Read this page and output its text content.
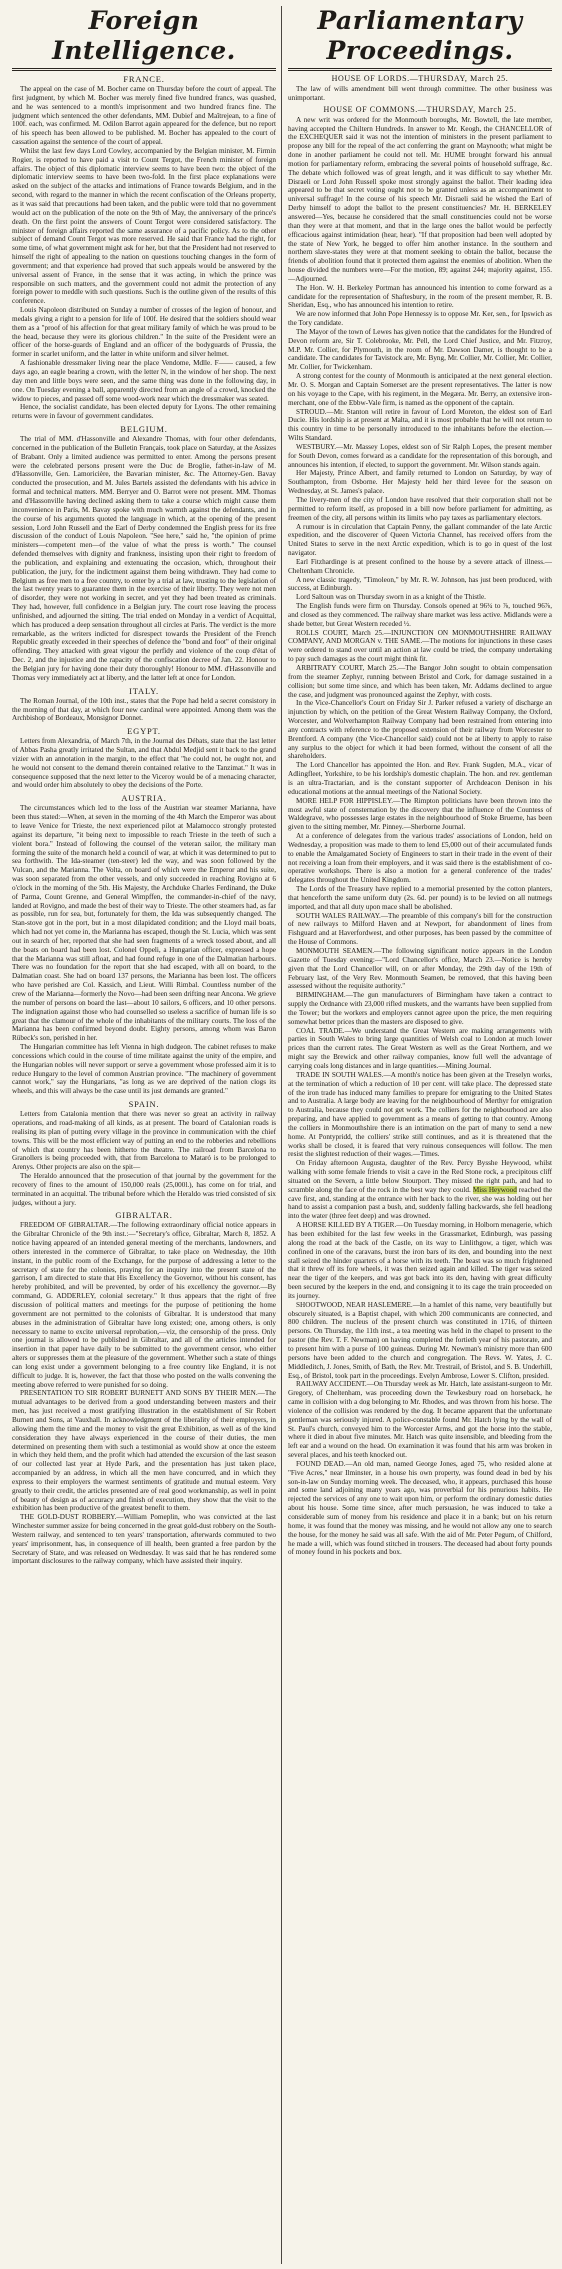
Foreign Intelligence.
FRANCE.

The appeal on the case of M. Bocher came on Thursday before the court of appeal. The first judgment, by which M. Bocher was merely fined five hundred francs, was quashed, and he was sentenced to a month's imprisonment and two hundred francs fine. The judgment which sentenced the other defendants, MM. Dubief and Maîtrejean, to a fine of 100f. each, was confirmed. M. Odilon Barrot again appeared for the defence, but no report of his speech has been allowed to be published. M. Bocher has appealed to the court of cassation against the sentence of the court of appeal.

Whilst the last few days Lord Cowley, accompanied by the Belgian minister, M. Firmin Rogier, is reported to have paid a visit to Count Tergot, the French minister of foreign affairs. The object of this diplomatic interview seems to have been two: the object of the diplomatic interview seems to have been two-fold. In the first place explanations were asked on the subject of the attacks and intimations of France towards Belgium, and in the second, with regard to the manner in which the recent confiscation of the Orleans property, as it was said that precautions had been taken, and the public were told that no government would act on the publication of the note on the 9th of May, the anniversary of the prince's death. On the first point the answers of Count Tergot were considered satisfactory. The minister of foreign affairs reported the same assurance of a pacific policy. As to the other subject of demand Count Tergot was more reserved. He said that France had the right, for some time, of what government might ask for her, but that the President had not reserved to himself the right of appealing to the nation on questions touching changes in the form of government; and that experience had proved that such appeals would be answered by the universal assent of France, in the sense that it was acting, in which the prince was responsible on such matters, and the government could not admit the protection of any foreign power to meddle with such questions. Such is the outline given of the results of this conference.

Louis Napoleon distributed on Sunday a number of crosses of the legion of honour, and medals giving a right to a pension for life of 100f. He desired that the soldiers should wear them as a "proof of his affection for that great military family of which he was proud to be the head, because they were its glorious children." In the suite of the President were an officer of the horse-guards of England and an officer of the bodyguards of Prussia, the former in scarlet uniform, and the latter in white uniform and silver helmet.

A fashionable dressmaker living near the place Vendome, Mdlle. F—— caused, a few days ago, an eagle bearing a crown, with the letter N, in the window of her shop. The next day men and little boys were seen, and the same thing was done in the following day, in one. On Tuesday evening a ball, apparently directed from an angle of a crowd, knocked the widow to pieces, and passed off some wood-work near which the dressmaker was seated.

Hence, the socialist candidate, has been elected deputy for Lyons. The other remaining returns were in favour of government candidates.

BELGIUM.

The trial of MM. d'Hassonville and Alexandre Thomas, with four other defendants, concerned in the publication of the Bulletin Français, took place on Saturday, at the Assizes of Brabant. Only a limited audience was permitted to enter. Among the persons present were the celebrated persons present were the Duc de Broglie, father-in-law of M. d'Hassonville, Gen. Lamoricière, the Bavarian minister, &c. The Attorney-Gen. Bavay conducted the prosecution, and M. Jules Bartels assisted the defendants with his advice in formal and technical matters. MM. Berryer and O. Barrot were not present. MM. Thomas and d'Hassonville having declined asking them to take a course which might cause them inconvenience in Paris, M. Bavay spoke with much warmth against the defendants, and in the course of his arguments quoted the language in which, at the opening of the present session, Lord John Russell and the Earl of Derby condemned the English press for its free discussion of the conduct of Louis Napoleon. "See here," said he, "the opinion of prime ministers—competent men—of the value of what the press is worth." The counsel defended themselves with dignity and frankness, insisting upon their right to freedom of the publication, and explaining and extenuating the occasion, which, throughout their publication, the jury, for the indictment against them being withdrawn. They had come to Belgium as free men to a free country, to enter by a trial at law, trusting to the legislation of the last twenty years to guarantee them in the exercise of their liberty. They were not men of disorder, they were not working in secret, and yet they had been treated as criminals. They had, however, full confidence in a Belgian jury. The court rose leaving the process unfinished, and adjourned the sitting. The trial ended on Monday in a verdict of Acquittal, which has produced a deep sensation throughout all circles at Paris. The verdict is the more remarkable, as the writers indicted for disrespect towards the President of the French Republic greatly exceeded in their speeches of defence the "bond and foot" of their original offending. They attacked with great vigour the perfidy and violence of the coup d'état of Dec. 2, and the injustice and the rapacity of the confiscation decree of Jan. 22. Honour to the Belgian jury for having done their duty thoroughly! Honour to MM. d'Hassonville and Thomas very immediately act at liberty, and the latter left at once for London.

ITALY.

The Roman Journal, of the 10th inst., states that the Pope had held a secret consistory in the morning of that day, at which four new cardinal were appointed. Among them was the Archbishop of Bordeaux, Monsignor Donnet.

EGYPT.

Letters from Alexandria, of March 7th, in the Journal des Débats, state that the last letter of Abbas Pasha greatly irritated the Sultan, and that Abdul Medjid sent it back to the grand vizier with an annotation in the margin, to the effect that "he could not, he ought not, and he would not consent to the demand therein contained relative to the Tanzimat." It was in consequence supposed that the next letter to the Viceroy would be of a menacing character, and would order him absolutely to obey the decisions of the Porte.

AUSTRIA.

The circumstances which led to the loss of the Austrian war steamer Marianna, have been thus stated:—When, at seven in the morning of the 4th March the Emperor was about to leave Venice for Trieste, the next experienced pilot at Malamocco strongly protested against its departure, "it being next to impossible to reach Trieste in the teeth of such a violent bora." Instead of following the counsel of the veteran sailor, the military man forming the suite of the monarch held a council of war, at which it was determined to put to sea forthwith. The Ida-steamer (ten-steer) led the way, and was soon followed by the Vulcan, and the Marianna. The Volta, on board of which were the Emperor and his suite, was soon separated from the other vessels, and only succeeded in reaching Rovigno at 6 o'clock in the morning of the 5th. His Majesty, the Archduke Charles Ferdinand, the Duke of Parma, Count Grenne, and General Wimpffen, the commander-in-chief of the navy, landed at Rovigno, and made the best of their way to Trieste. The other steamers had, as far as possible, run for sea, but, fortunately for them, the Ida was subsequently changed. The Stan-stove got in the port, but in a most dilapidated condition; and the Lloyd mail boats, which had not yet come in, the Marianna has escaped, though the St. Lucia, which was sent out in search of her, reported that she had seen fragments of a wreck tossed about, and all the boats on board had been lost. Colonel Oppeli, a Hungarian officer, expressed a hope that the Marianna was still afloat, and had found refuge in one of the Dalmatian harbours. There was no foundation for the report that she had escaped, with all on board, to the Dalmatian coast. She had on board 137 persons, the Marianna has been lost. The officers who have perished are Col. Kassich, and Lieut. Willi Rimbal. Countless number of the crew of the Marianna—formerly the Novo—had been seen drifting near Ancona. We grieve the number of persons on board the last—about 10 sailors, 6 officers, and 10 other persons. The indignation against those who had counselled so useless a sacrifice of human life is so great that the clamour of the whole of the inhabitants of the military courts. The loss of the Marianna has been confirmed beyond doubt. Eighty persons, among whom was Baron Rübeck's son, perished in her.

The Hungarian committee has left Vienna in high dudgeon. The cabinet refuses to make concessions which could in the course of time militate against the unity of the empire, and the Hungarian nobles will never support or serve a government whose professed aim it is to reduce Hungary to the level of common Austrian province. "The machinery of government cannot work," say the Hungarians, "as long as we are deprived of the nation clogs its wheels, and this will always be the case until its just demands are granted."

SPAIN.

Letters from Catalonia mention that there was never so great an activity in railway operations, and road-making of all kinds, as at present. The board of Catalonian roads is realising its plan of putting every village in the province in communication with the chief towns. This will be the most efficient way of putting an end to the robberies and rebellions of which that country has been hitherto the theatre. The railroad from Barcelona to Granollers is being proceeded with, that from Barcelona to Mataró is to be prolonged to Arenys. Other projects are also on the spit—

The Heraldo announced that the prosecution of that journal by the government for the recovery of fines to the amount of 150,000 reals (25,000l.), has come on for trial, and terminated in an acquittal. The tribunal before which the Heraldo was tried consisted of six judges, without a jury.

GIBRALTAR.

FREEDOM OF GIBRALTAR.—The following extraordinary official notice appears in the Gibraltar Chronicle of the 9th inst.:—"Secretary's office, Gibraltar, March 8, 1852. A notice having appeared of an intended general meeting of the merchants, landowners, and others interested in the commerce of Gibraltar, to take place on Wednesday, the 10th instant, in the public room of the Exchange, for the purpose of addressing a letter to the secretary of state for the colonies, praying for an inquiry into the present state of the garrison, I am directed to state that His Excellency the Governor, without his consent, has hereby prohibited, and will be prevented, by order of his excellency the governor.—By command, G. ADDERLEY, colonial secretary." It thus appears that the right of free discussion of political matters and meetings for the purpose of petitioning the home government are not permitted to the colonists of Gibraltar. It is understood that many abuses in the administration of Gibraltar have long existed; one, among others, is only necessary to name to excite universal reprobation,—viz, the censorship of the press. Only one journal is allowed to be published in Gibraltar, and all of the articles intended for insertion in that paper have daily to be submitted to the government censor, who either alters or suppresses them at the pleasure of the government. Whether such a state of things can long exist under a government belonging to a free country like England, it is not difficult to judge. It is, however, the fact that those who posted on the walls convening the meeting above referred to were punished for so doing.

PRESENTATION TO SIR ROBERT BURNETT AND SONS BY THEIR MEN.—The mutual advantages to be derived from a good understanding between masters and their men, has just received a most gratifying illustration in the establishment of Sir Robert Burnett and Sons, at Vauxhall. In acknowledgment of the liberality of their employers, in allowing them the time and the money to visit the great Exhibition, as well as of the kind consideration they have always experienced in the course of their duties, the men determined on presenting them with such a testimonial as would show at once the esteem in which they held them, and the profit which had attended the excursion of the last season of our collected last year at Hyde Park, and the presentation has just taken place, accompanied by an address, in which all the men have concurred, and in which they express to their employers the warmest sentiments of gratitude and mutual esteem. Very greatly to their credit, the articles presented are of real good workmanship, as well in point of beauty of design as of accuracy and finish of execution, they show that the visit to the exhibition has been productive of the greatest benefit to them.

THE GOLD-DUST ROBBERY.—William Pomeplin, who was convicted at the last Winchester summer assize for being concerned in the great gold-dust robbery on the South-Western railway, and sentenced to ten years' transportation, afterwards commuted to two years' imprisonment, has, in consequence of ill health, been granted a free pardon by the Secretary of State, and was released on Wednesday. It was said that he has rendered some important disclosures to the railway company, which have assisted their inquiry.

Parliamentary Proceedings.
HOUSE OF LORDS.—THURSDAY, March 25.

The law of wills amendment bill went through committee. The other business was unimportant.

HOUSE OF COMMONS.—THURSDAY, March 25.

A new writ was ordered for the Monmouth boroughs, Mr. Bowtell, the late member, having accepted the Chiltern Hundreds. In answer to Mr. Keogh, the CHANCELLOR of the EXCHEQUER said it was not the intention of ministers in the present parliament to propose any bill for the repeal of the act conferring the grant on Maynooth; what might be done in another parliament he could not tell. Mr. HUME brought forward his annual motion for parliamentary reform, embracing the several points of household suffrage, &c. The debate which followed was of great length, and it was difficult to say whether Mr. Disraeli or Lord John Russell spoke most strongly against the ballot. Their leading idea appeared to be that secret voting ought not to be granted unless as an accompaniment to universal suffrage! In the course of his speech Mr. Disraeli said he wished the Earl of Derby himself to adopt the ballot to the present constituencies? Mr. H. BERKELEY answered—Yes, because he considered that the small constituencies could not be worse than they were at that moment, and that in the large ones the ballot would be perfectly efficacious against intimidation (hear, hear). "If that proposition had been well adopted by the state of New York, he begged to offer him another instance. In the southern and northern slave-states they were at that moment seeking to obtain the ballot, because the friends of abolition found that it protected them against the enemies of abolition. When the house divided the numbers were—For the motion, 89; against 244; majority against, 155.—Adjourned.

The Hon. W. H. Berkeley Portman has announced his intention to come forward as a candidate for the representation of Shaftesbury, in the room of the present member, R. B. Sheridan, Esq., who has announced his intention to retire.

We are now informed that John Pope Hennessy is to oppose Mr. Ker, sen., for Ipswich as the Tory candidate.

The Mayor of the town of Lewes has given notice that the candidates for the Hundred of Devon reform are, Sir T. Colebrooke, Mr. Pell, the Lord Chief Justice, and Mr. Fitzroy, M.P. Mr. Collier, for Plymouth, in the room of Mr. Dawson Damer, is thought to be a candidate. The candidates for Tavistock are, Mr. Byng, Mr. Collier, Mr. Collier, Mr. Collier, Mr. Collier, for Twickenham.

A strong contest for the county of Monmouth is anticipated at the next general election. Mr. O. S. Morgan and Captain Somerset are the present representatives. The latter is now on his voyage to the Cape, with his regiment, in the Megæra. Mr. Berry, an extensive iron-merchant, one of the Ebbw-Vale firm, is named as the opponent of the captain.

STROUD.—Mr. Stanton will retire in favour of Lord Moreton, the eldest son of Earl Ducie. His lordship is at present at Malta, and it is most probable that he will not return to this country in time to be personally introduced to the inhabitants before the election.—Wilts Standard.

WESTBURY.—Mr. Massey Lopes, eldest son of Sir Ralph Lopes, the present member for South Devon, comes forward as a candidate for the representation of this borough, and announces his intention, if elected, to support the government. Mr. Wilson stands again.

Her Majesty, Prince Albert, and family returned to London on Saturday, by way of Southampton, from Osborne. Her Majesty held her third levee for the season on Wednesday, at St. James's palace.

The livery-men of the city of London have resolved that their corporation shall not be permitted to reform itself, as proposed in a bill now before parliament for admitting, as freemen of the city, all persons within its limits who pay taxes as parliamentary electors.

A rumour is in circulation that Captain Penny, the gallant commander of the late Arctic expedition, and the discoverer of Queen Victoria Channel, has received offers from the United States to serve in the next Arctic expedition, which is to go in quest of the lost navigator.

Earl Fitzhardinge is at present confined to the house by a severe attack of illness.—Cheltenham Chronicle.

A new classic tragedy, "Timoleon," by Mr. R. W. Johnson, has just been produced, with success, at Edinburgh.

Lord Saltoun was on Thursday sworn in as a knight of the Thistle.

The English funds were firm on Thursday. Consols opened at 96¾ to ⅞, touched 96⅞, and closed as they commenced. The railway share market was less active. Midlands were a shade better, but Great Western receded ½.

ROLLS COURT, March 25.—INJUNCTION ON MONMOUTHSHIRE RAILWAY COMPANY, AND MORGAN v. THE SAME.—The motions for injunctions in these cases were ordered to stand over until an action at law could be tried, the company undertaking to pay such damages as the court might think fit.

ARBITRATY COURT, March 25.—The Bangor John sought to obtain compensation from the steamer Zephyr, running between Bristol and Cork, for damage sustained in a collision; but some time since, and which has been taken, Mr. Addams declined to argue the case, and judgment was pronounced against the Zephyr, with costs.

In the Vice-Chancellor's Court on Friday Sir J. Parker refused a variety of discharge an injunction by which, on the petition of the Great Western Railway Company, the Oxford, Worcester, and Wolverhampton Railway Company had been restrained from entering into any contracts with reference to the proposed extension of their railway from Worcester to Brentford. A company (the Vice-Chancellor said) could not be at liberty to apply to raise any surplus to the object for which it had been formed, without the consent of all the shareholders.

The Lord Chancellor has appointed the Hon. and Rev. Frank Sugden, M.A., vicar of Adlingfleet, Yorkshire, to be his lordship's domestic chaplain. The hon. and rev. gentleman is an ultra-Tractarian, and is the constant supporter of Archdeacon Denison in his educational motions at the annual meetings of the National Society.

MORE HELP FOR HIPPISLEY.—The Rimpton politicians have been thrown into the most awful state of consternation by the discovery that the influence of the Countess of Waldegrave, who possesses large estates in the neighbourhood of Stoke Bruerne, has been given to the sitting member, Mr. Pinney.—Sherborne Journal.

At a conference of delegates from the various trades' associations of London, held on Wednesday, a proposition was made to them to lend £5,000 out of their accumulated funds to enable the Amalgamated Society of Engineers to start in their trade in the event of their not receiving a loan from their employers, and it was said there is the establishment of co-operative workshops. There is also a motion for a general conference of the trades' delegates throughout the United Kingdom.

The Lords of the Treasury have replied to a memorial presented by the cotton planters, that henceforth the same uniform duty (2s. 6d. per pound) is to be levied on all nutmegs imported, and that all duty upon mace shall be abolished.

SOUTH WALES RAILWAY.—The preamble of this company's bill for the construction of new railways to Milford Haven and at Newport, for abandonment of lines from Fishguard and at Haverfordwest, and other purposes, has been passed by the committee of the House of Commons.

MONMOUTH SEAMEN.—The following significant notice appears in the London Gazette of Tuesday evening:—"Lord Chancellor's office, March 23.—Notice is hereby given that the Lord Chancellor will, on or after Monday, the 29th day of the 19th of February last, of the Very Rev. Monmouth Seamen, be removed, that this having been assessed without the requisite authority."

BIRMINGHAM.—The gun manufacturers of Birmingham have taken a contract to supply the Ordnance with 23,000 rifled muskets, and the warrants have been supplied from the Tower; but the workers and employers cannot agree upon the price, the men requiring somewhat better prices than the masters are disposed to give.

COAL TRADE.—We understand the Great Western are making arrangements with parties in South Wales to bring large quantities of Welsh coal to London at much lower prices than the current rates. The Great Western as well as the Great Northern, and we might say the Brewick and other railway companies, know full well the advantage of carrying coals long distances and in large quantities.—Mining Journal.

TRADE IN SOUTH WALES.—A month's notice has been given at the Treselyn works, at the termination of which a reduction of 10 per cent. will take place. The depressed state of the iron trade has induced many families to prepare for emigrating to the United States and to Australia. A large body are leaving for the neighbourhood of Merthyr for emigration to Australia, because they could not get work. The colliers for the neighbourhood are also preparing, and have applied to government as a means of getting to that country. Among the colliers in Monmouthshire there is an intimation on the part of many to send a new home. At Pontypridd, the colliers' strike still continues, and as it is threatened that the works shall be closed, it is feared that very ruinous consequences will follow. The men resist the slightest reduction of their wages.—Times.

On Friday afternoon Augusta, daughter of the Rev. Percy Bysshe Heywood, whilst walking with some female friends to visit a cave in the Red Stone rock, a precipitous cliff situated on the Severn, a little below Stourport. They missed the right path, and had to scramble along the face of the rock in the best way they could. Miss Heywood reached the cave first, and, standing at the entrance with her back to the river, she was holding out her hand to assist a companion past a bush, and, suddenly falling backwards, she fell headlong into the water (three feet deep) and was drowned.

A HORSE KILLED BY A TIGER.—On Tuesday morning, in Holborn menagerie, which has been exhibited for the last few weeks in the Grassmarket, Edinburgh, was passing along the road at the back of the Castle, on its way to Linlithgow, a tiger, which was confined in one of the caravans, burst the iron bars of its den, and bounding into the next stall seized the hinder quarters of a horse with its teeth. The beast was so much frightened that it threw off its fore wheels, it was then seized again and killed. The tiger was seized near the tiger of the keepers, and was got back into its den, having with great difficulty been secured by the keepers in the end, and consigning it to its cage the train proceeded on its journey.

SHOOTWOOD, NEAR HASLEMERE.—In a hamlet of this name, very beautifully but obscurely situated, is a Baptist chapel, with which 200 communicants are connected, and 800 children. The nucleus of the present church was constituted in 1716, of thirteen persons. On Thursday, the 11th inst., a tea meeting was held in the chapel to present to the pastor (the Rev. T. F. Newman) on having completed the fortieth year of his pastorate, and to present him with a purse of 100 guineas. During Mr. Newman's ministry more than 600 persons have been added to the church and congregation. The Revs. W. Yates, J. C. Middleditch, J. Jones, Smith, of Bath, the Rev. Mr. Trestrail, of Bristol, and S. B. Underhill, Esq., of Bristol, took part in the proceedings. Evelyn Ambrose, Lower S. Clifton, presided.

RAILWAY ACCIDENT.—On Thursday week as Mr. Hatch, late assistant-surgeon to Mr. Gregory, of Cheltenham, was proceeding down the Tewkesbury road on horseback, he came in collision with a dog belonging to Mr. Rhodes, and was thrown from his horse. The violence of the collision was rendered by the dog. It became apparent that the unfortunate gentleman was seriously injured. A police-constable found Mr. Hatch lying by the wall of St. Paul's church, conveyed him to the Worcester Arms, and got the horse into the stable, where it died in about five minutes. Mr. Hatch was quite insensible, and bleeding from the left ear and a wound on the head. On examination it was found that his arm was broken in several places, and his teeth knocked out.

FOUND DEAD.—An old man, named George Jones, aged 75, who resided alone at "Five Acres," near Ilminster, in a house his own property, was found dead in bed by his son-in-law on Sunday morning week. The deceased, who, it appears, purchased this house and some land adjoining many years ago, was proverbial for his penurious habits. He rejected the services of any one to wait upon him, or perform the ordinary domestic duties about his house. Some time since, after much persuasion, he was induced to take a considerable sum of money from his residence and place it in a bank; but on his return home, it was found that the money was missing, and he would not allow any one to search the house, for the money he said was all safe. With the aid of Mr. Peter Pegum, of Chilford, he made a will, which was found stitched in trousers. The deceased had about forty pounds of money found in his pockets and box.
